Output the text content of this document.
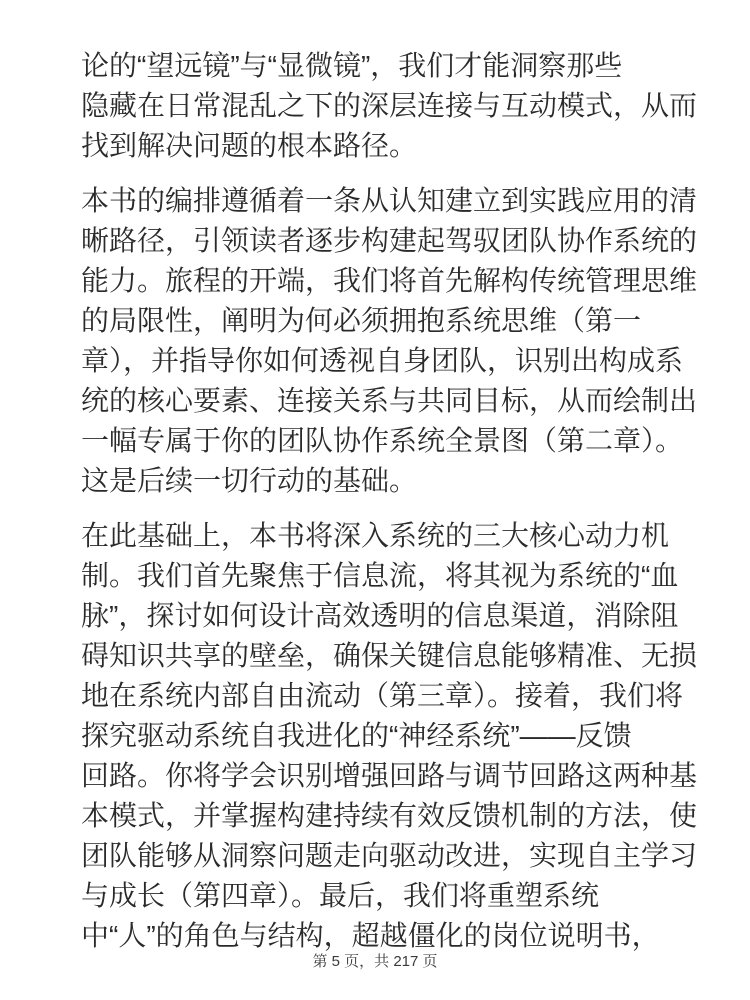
论的“望远镜”与“显微镜”，我们才能洞察那些
隐藏在日常混乱之下的深层连接与互动模式，从而
找到解决问题的根本路径。

本书的编排遵循着一条从认知建立到实践应用的清
晰路径，引领读者逐步构建起驾驭团队协作系统的
能力。旅程的开端，我们将首先解构传统管理思维
的局限性，阐明为何必须拥抱系统思维（第一
章），并指导你如何透视自身团队，识别出构成系
统的核心要素、连接关系与共同目标，从而绘制出
一幅专属于你的团队协作系统全景图（第二章）。
这是后续一切行动的基础。

在此基础上，本书将深入系统的三大核心动力机
制。我们首先聚焦于信息流，将其视为系统的“血
脉”，探讨如何设计高效透明的信息渠道，消除阻
碍知识共享的壁垒，确保关键信息能够精准、无损
地在系统内部自由流动（第三章）。接着，我们将
探究驱动系统自我进化的“神经系统”——反馈
回路。你将学会识别增强回路与调节回路这两种基
本模式，并掌握构建持续有效反馈机制的方法，使
团队能够从洞察问题走向驱动改进，实现自主学习
与成长（第四章）。最后，我们将重塑系统
中“人”的角色与结构，超越僵化的岗位说明书，

第 5 页，共 217 页
